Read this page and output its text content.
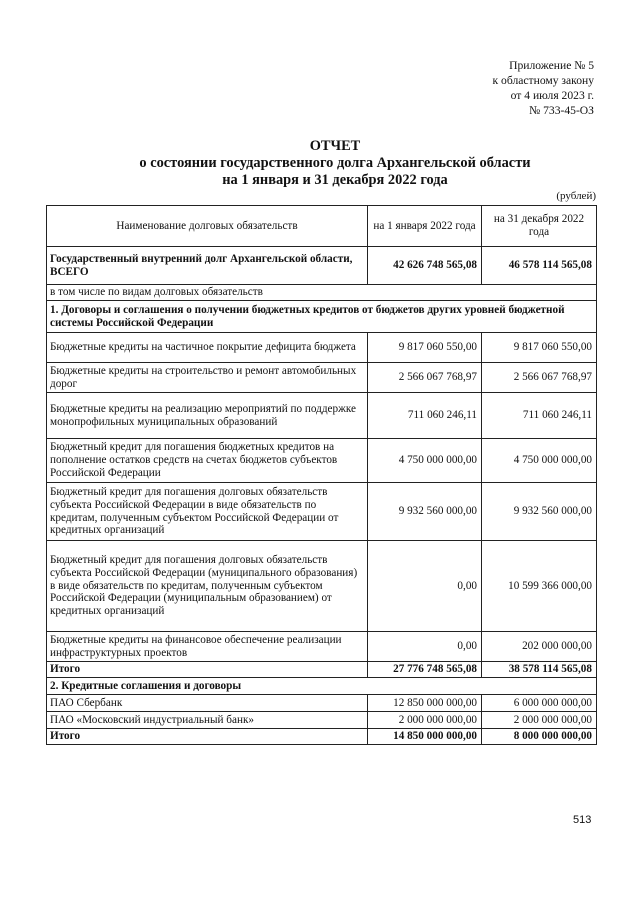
Приложение № 5
к областному закону
от 4 июля 2023 г.
№ 733-45-ОЗ
ОТЧЕТ
о состоянии государственного долга Архангельской области
на 1 января и 31 декабря 2022 года
(рублей)
Наименование долговых обязательств	на 1 января 2022 года	на 31 декабря 2022 года
Государственный внутренний долг Архангельской области, ВСЕГО	42 626 748 565,08	46 578 114 565,08
в том числе по видам долговых обязательств		
1. Договоры и соглашения о получении бюджетных кредитов от бюджетов других уровней бюджетной системы Российской Федерации		
Бюджетные кредиты на частичное покрытие дефицита бюджета	9 817 060 550,00	9 817 060 550,00
Бюджетные кредиты на строительство и ремонт автомобильных дорог	2 566 067 768,97	2 566 067 768,97
Бюджетные кредиты на реализацию мероприятий по поддержке монопрофильных муниципальных образований	711 060 246,11	711 060 246,11
Бюджетный кредит для погашения бюджетных кредитов на пополнение остатков средств на счетах бюджетов субъектов Российской Федерации	4 750 000 000,00	4 750 000 000,00
Бюджетный кредит для погашения долговых обязательств субъекта Российской Федерации в виде обязательств по кредитам, полученным субъектом Российской Федерации от кредитных организаций	9 932 560 000,00	9 932 560 000,00
Бюджетный кредит для погашения долговых обязательств субъекта Российской Федерации (муниципального образования) в виде обязательств по кредитам, полученным субъектом Российской Федерации (муниципальным образованием) от кредитных организаций	0,00	10 599 366 000,00
Бюджетные кредиты на финансовое обеспечение реализации инфраструктурных проектов	0,00	202 000 000,00
Итого	27 776 748 565,08	38 578 114 565,08
2. Кредитные соглашения и договоры		
ПАО Сбербанк	12 850 000 000,00	6 000 000 000,00
ПАО «Московский индустриальный банк»	2 000 000 000,00	2 000 000 000,00
Итого	14 850 000 000,00	8 000 000 000,00
513
